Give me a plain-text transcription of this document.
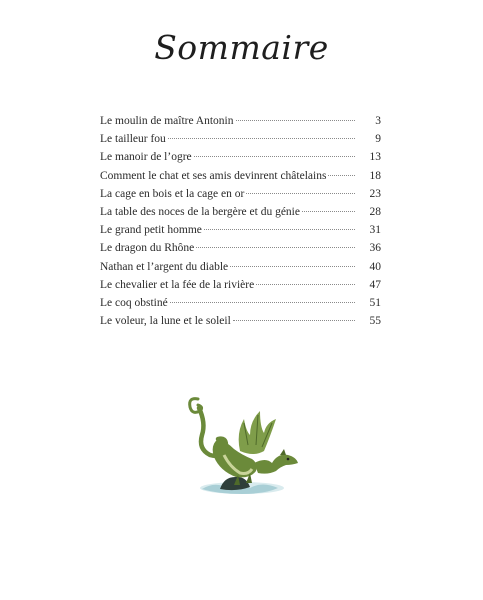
Sommaire
Le moulin de maître Antonin	3
Le tailleur fou	9
Le manoir de l’ogre	13
Comment le chat et ses amis devinrent châtelains	18
La cage en bois et la cage en or	23
La table des noces de la bergère et du génie	28
Le grand petit homme	31
Le dragon du Rhône	36
Nathan et l’argent du diable	40
Le chevalier et la fée de la rivière	47
Le coq obstiné	51
Le voleur, la lune et le soleil	55
